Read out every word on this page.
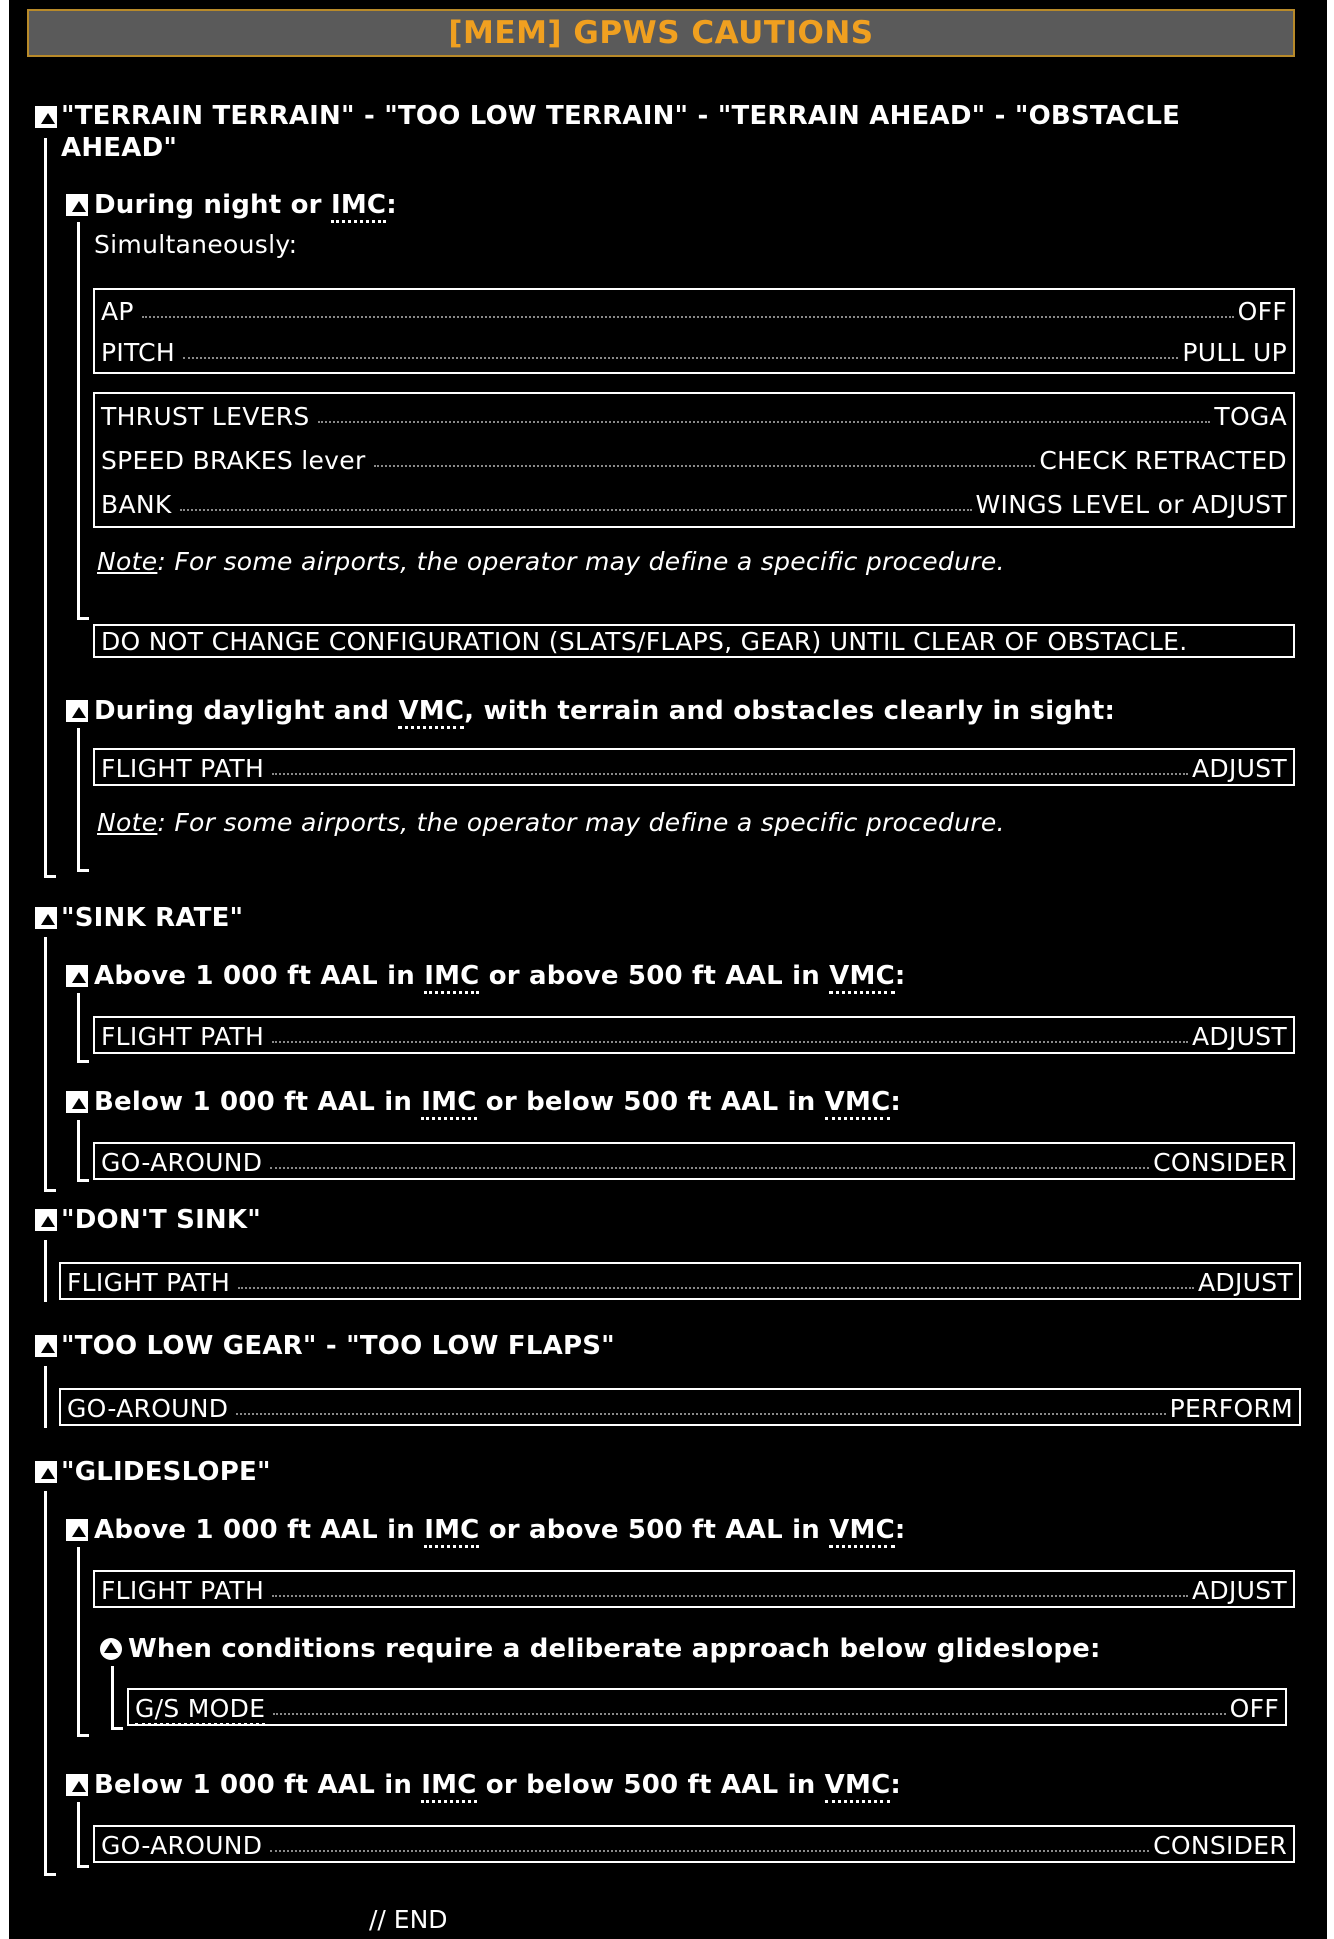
[MEM] GPWS CAUTIONS
"TERRAIN TERRAIN" - "TOO LOW TERRAIN" - "TERRAIN AHEAD" - "OBSTACLE
AHEAD"
During night or IMC:
Simultaneously:
AP	OFF
PITCH	PULL UP
THRUST LEVERS	TOGA
SPEED BRAKES lever	CHECK RETRACTED
BANK	WINGS LEVEL or ADJUST
Note: For some airports, the operator may define a specific procedure.
DO NOT CHANGE CONFIGURATION (SLATS/FLAPS, GEAR) UNTIL CLEAR OF OBSTACLE.
During daylight and VMC, with terrain and obstacles clearly in sight:
FLIGHT PATH	ADJUST
Note: For some airports, the operator may define a specific procedure.
"SINK RATE"
Above 1 000 ft AAL in IMC or above 500 ft AAL in VMC:
FLIGHT PATH	ADJUST
Below 1 000 ft AAL in IMC or below 500 ft AAL in VMC:
GO-AROUND	CONSIDER
"DON'T SINK"
FLIGHT PATH	ADJUST
"TOO LOW GEAR" - "TOO LOW FLAPS"
GO-AROUND	PERFORM
"GLIDESLOPE"
Above 1 000 ft AAL in IMC or above 500 ft AAL in VMC:
FLIGHT PATH	ADJUST
When conditions require a deliberate approach below glideslope:
G/S MODE	OFF
Below 1 000 ft AAL in IMC or below 500 ft AAL in VMC:
GO-AROUND	CONSIDER
// END
